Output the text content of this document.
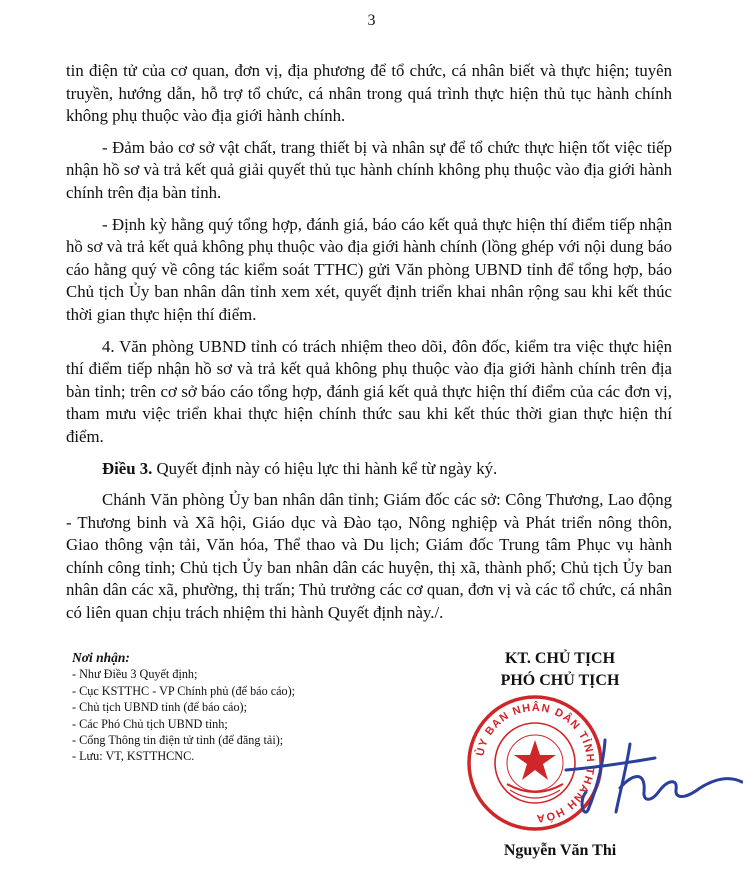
3

tin điện tử của cơ quan, đơn vị, địa phương để tổ chức, cá nhân biết và thực hiện; tuyên truyền, hướng dẫn, hỗ trợ tổ chức, cá nhân trong quá trình thực hiện thủ tục hành chính không phụ thuộc vào địa giới hành chính.

- Đảm bảo cơ sở vật chất, trang thiết bị và nhân sự để tổ chức thực hiện tốt việc tiếp nhận hồ sơ và trả kết quả giải quyết thủ tục hành chính không phụ thuộc vào địa giới hành chính trên địa bàn tỉnh.

- Định kỳ hằng quý tổng hợp, đánh giá, báo cáo kết quả thực hiện thí điểm tiếp nhận hồ sơ và trả kết quả không phụ thuộc vào địa giới hành chính (lồng ghép với nội dung báo cáo hằng quý về công tác kiểm soát TTHC) gửi Văn phòng UBND tỉnh để tổng hợp, báo Chủ tịch Ủy ban nhân dân tỉnh xem xét, quyết định triển khai nhân rộng sau khi kết thúc thời gian thực hiện thí điểm.

4. Văn phòng UBND tỉnh có trách nhiệm theo dõi, đôn đốc, kiểm tra việc thực hiện thí điểm tiếp nhận hồ sơ và trả kết quả không phụ thuộc vào địa giới hành chính trên địa bàn tỉnh; trên cơ sở báo cáo tổng hợp, đánh giá kết quả thực hiện thí điểm của các đơn vị, tham mưu việc triển khai thực hiện chính thức sau khi kết thúc thời gian thực hiện thí điểm.

Điều 3. Quyết định này có hiệu lực thi hành kể từ ngày ký.

Chánh Văn phòng Ủy ban nhân dân tỉnh; Giám đốc các sở: Công Thương, Lao động - Thương binh và Xã hội, Giáo dục và Đào tạo, Nông nghiệp và Phát triển nông thôn, Giao thông vận tải, Văn hóa, Thể thao và Du lịch; Giám đốc Trung tâm Phục vụ hành chính công tỉnh; Chủ tịch Ủy ban nhân dân các huyện, thị xã, thành phố; Chủ tịch Ủy ban nhân dân các xã, phường, thị trấn; Thủ trưởng các cơ quan, đơn vị và các tổ chức, cá nhân có liên quan chịu trách nhiệm thi hành Quyết định này./.

Nơi nhận:
- Như Điều 3 Quyết định;
- Cục KSTTHC - VP Chính phủ (để báo cáo);
- Chủ tịch UBND tỉnh (để báo cáo);
- Các Phó Chủ tịch UBND tỉnh;
- Cổng Thông tin điện tử tỉnh (để đăng tải);
- Lưu: VT, KSTTHCNC.
KT. CHỦ TỊCH
PHÓ CHỦ TỊCH
ỦY BAN NHÂN DÂN TỈNH THANH HÓA
Nguyễn Văn Thi
